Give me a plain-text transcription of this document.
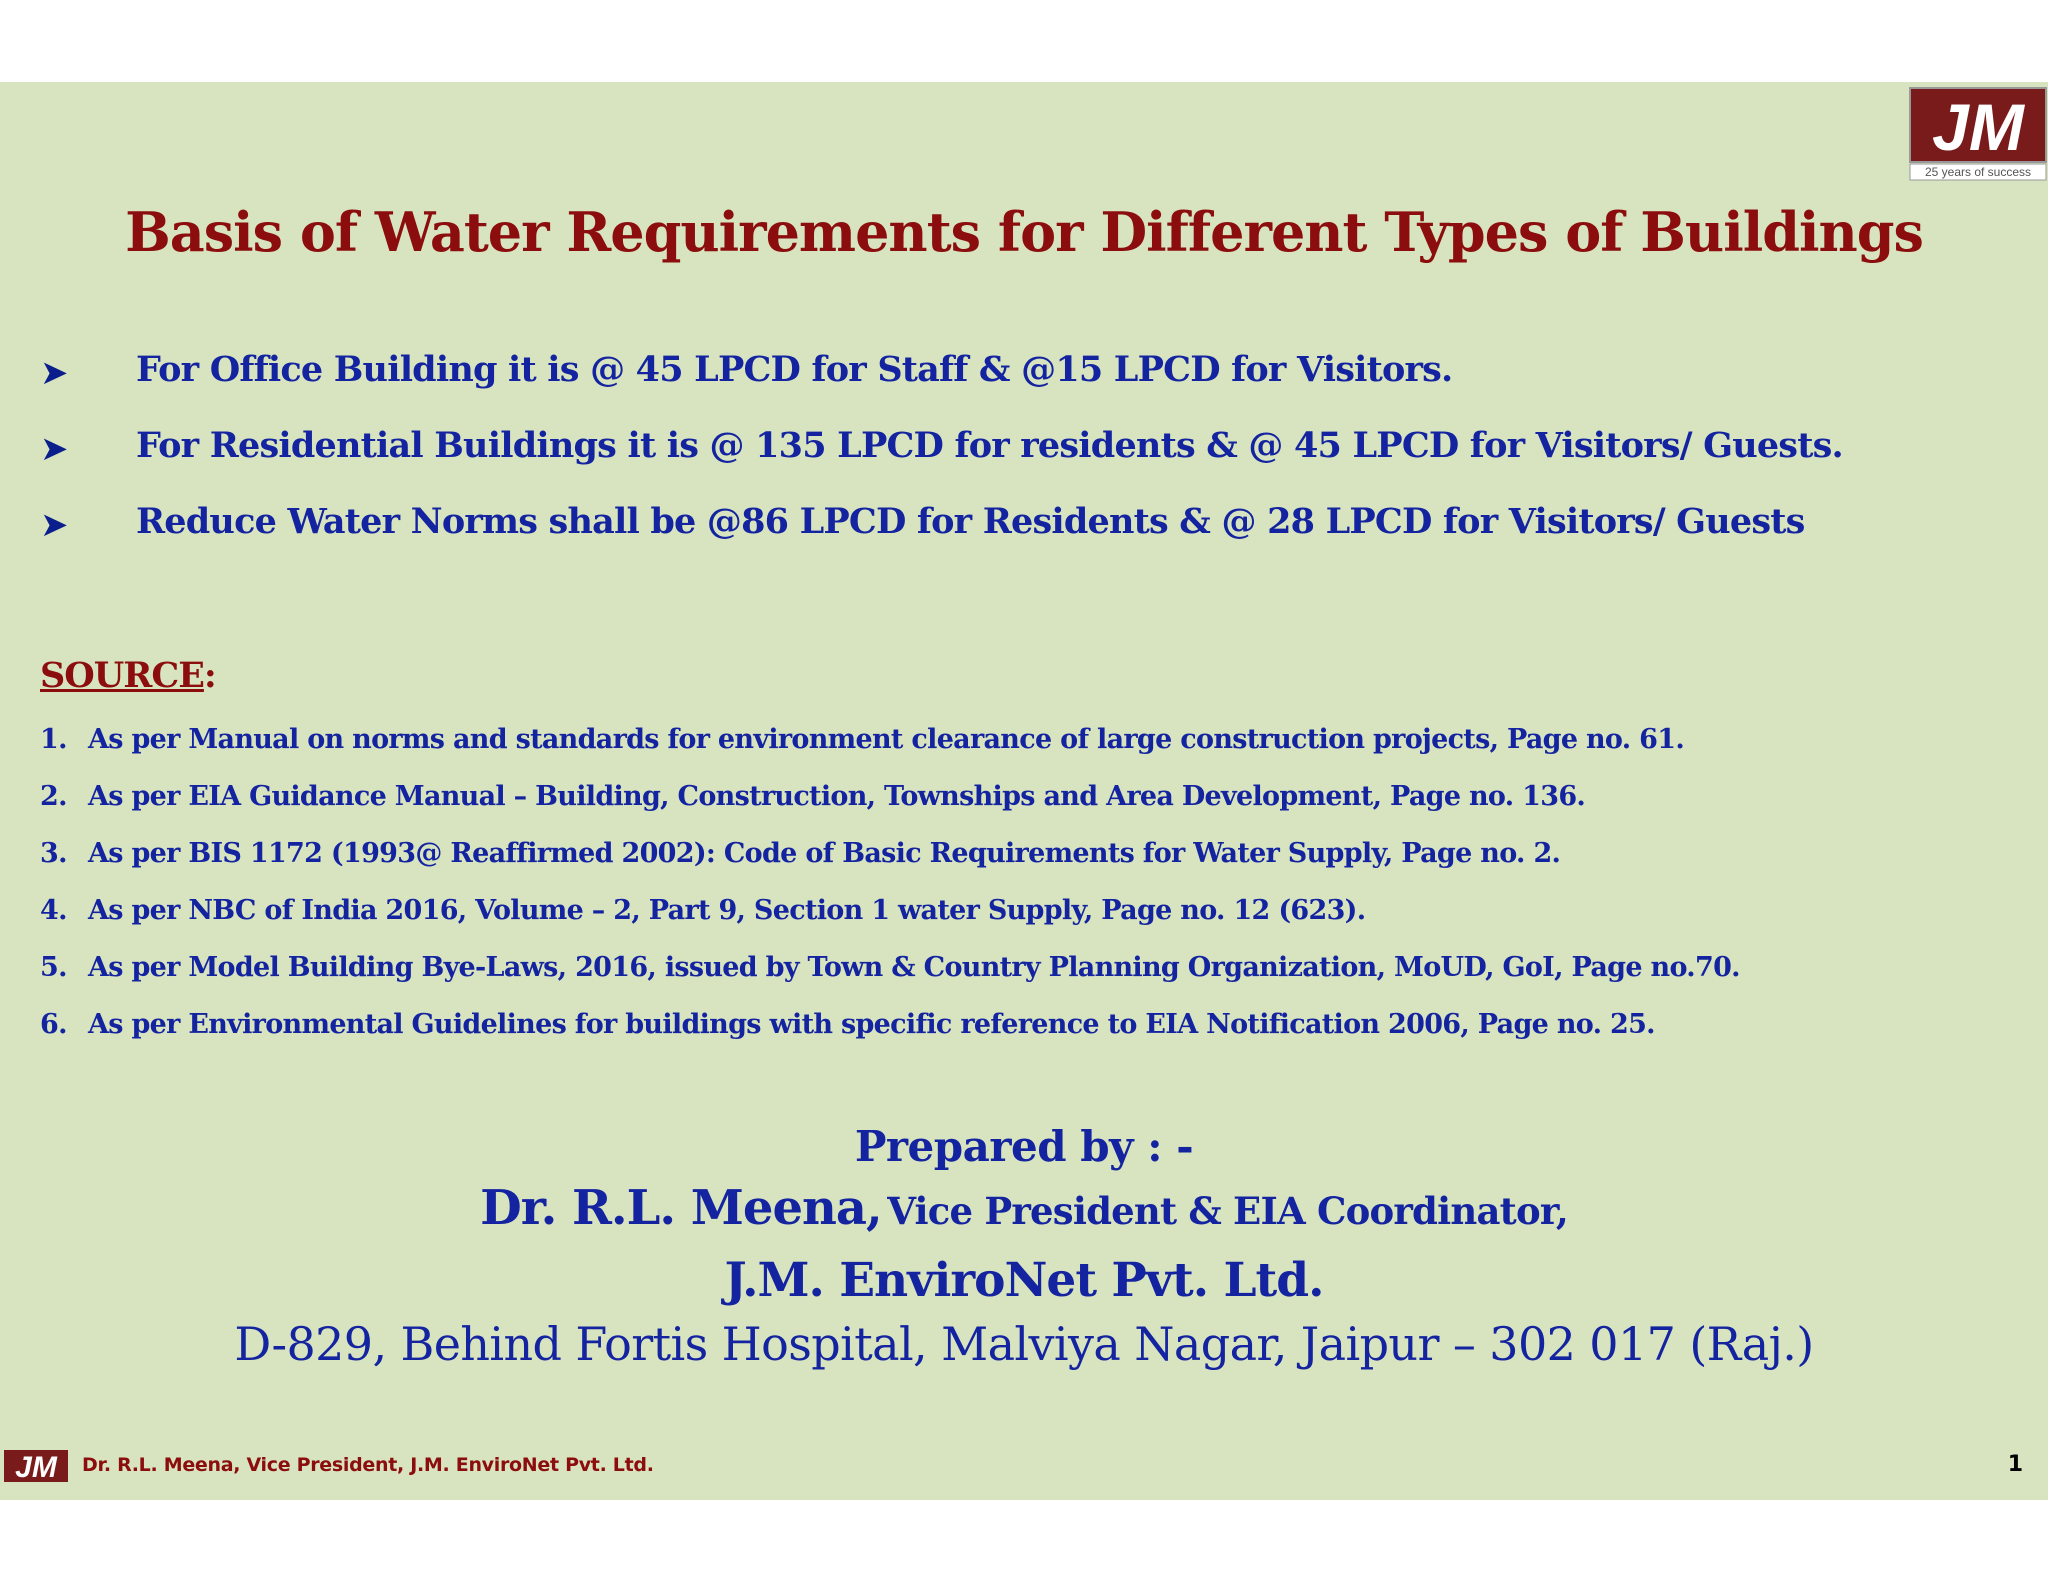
JM
25 years of success
Basis of Water Requirements for Different Types of Buildings
➤ For Office Building it is @ 45 LPCD for Staff & @15 LPCD for Visitors.
➤ For Residential Buildings it is @ 135 LPCD for residents & @ 45 LPCD for Visitors/ Guests.
➤ Reduce Water Norms shall be @86 LPCD for Residents & @ 28 LPCD for Visitors/ Guests
SOURCE:
1. As per Manual on norms and standards for environment clearance of large construction projects, Page no. 61.
2. As per EIA Guidance Manual – Building, Construction, Townships and Area Development, Page no. 136.
3. As per BIS 1172 (1993@ Reaffirmed 2002): Code of Basic Requirements for Water Supply, Page no. 2.
4. As per NBC of India 2016, Volume – 2, Part 9, Section 1 water Supply, Page no. 12 (623).
5. As per Model Building Bye-Laws, 2016, issued by Town & Country Planning Organization, MoUD, GoI, Page no.70.
6. As per Environmental Guidelines for buildings with specific reference to EIA Notification 2006, Page no. 25.
Prepared by : -
Dr. R.L. Meena, Vice President & EIA Coordinator,
J.M. EnviroNet Pvt. Ltd.
D-829, Behind Fortis Hospital, Malviya Nagar, Jaipur – 302 017 (Raj.)
JM Dr. R.L. Meena, Vice President, J.M. EnviroNet Pvt. Ltd.	1
